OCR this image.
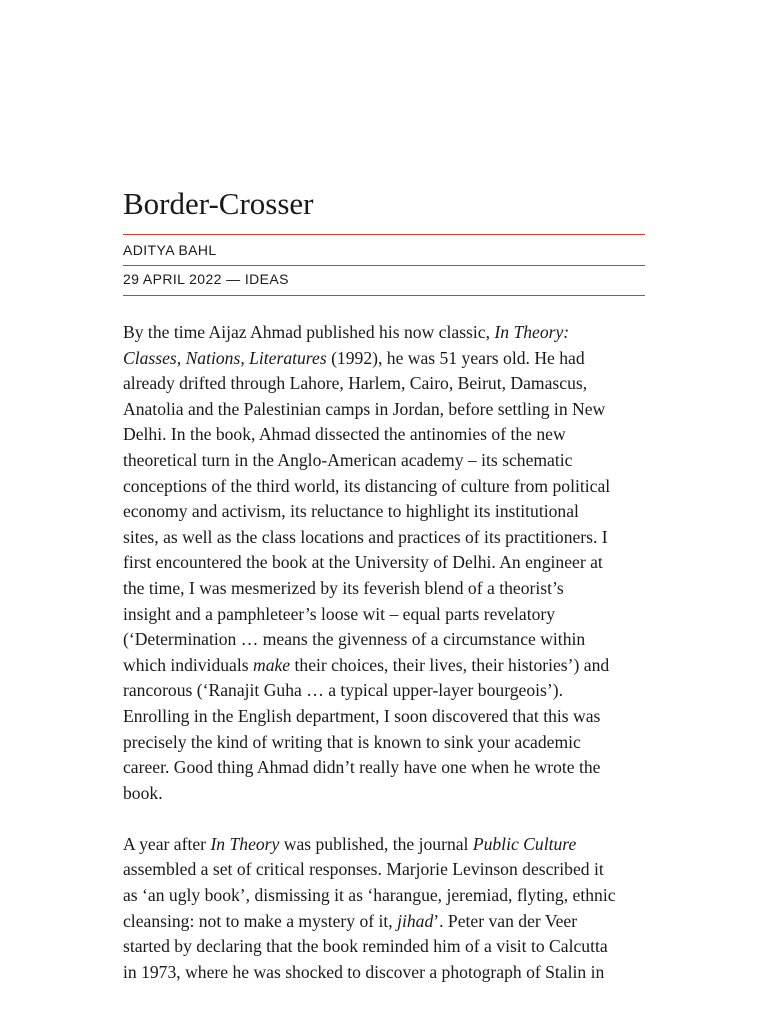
Border-Crosser
ADITYA BAHL
29 APRIL 2022 — IDEAS

By the time Aijaz Ahmad published his now classic, In Theory:
Classes, Nations, Literatures (1992), he was 51 years old. He had
already drifted through Lahore, Harlem, Cairo, Beirut, Damascus,
Anatolia and the Palestinian camps in Jordan, before settling in New
Delhi. In the book, Ahmad dissected the antinomies of the new
theoretical turn in the Anglo-American academy – its schematic
conceptions of the third world, its distancing of culture from political
economy and activism, its reluctance to highlight its institutional
sites, as well as the class locations and practices of its practitioners. I
first encountered the book at the University of Delhi. An engineer at
the time, I was mesmerized by its feverish blend of a theorist’s
insight and a pamphleteer’s loose wit – equal parts revelatory
(‘Determination … means the givenness of a circumstance within
which individuals make their choices, their lives, their histories’) and
rancorous (‘Ranajit Guha … a typical upper-layer bourgeois’).
Enrolling in the English department, I soon discovered that this was
precisely the kind of writing that is known to sink your academic
career. Good thing Ahmad didn’t really have one when he wrote the
book.

A year after In Theory was published, the journal Public Culture
assembled a set of critical responses. Marjorie Levinson described it
as ‘an ugly book’, dismissing it as ‘harangue, jeremiad, flyting, ethnic
cleansing: not to make a mystery of it, jihad’. Peter van der Veer
started by declaring that the book reminded him of a visit to Calcutta
in 1973, where he was shocked to discover a photograph of Stalin in
